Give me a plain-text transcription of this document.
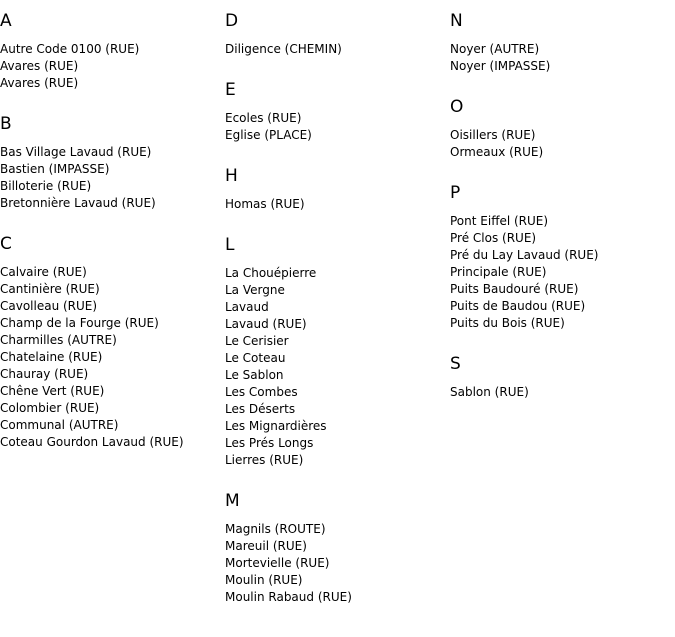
A
Autre Code 0100 (RUE)
Avares (RUE)
Avares (RUE)
B
Bas Village Lavaud (RUE)
Bastien (IMPASSE)
Billoterie (RUE)
Bretonnière Lavaud (RUE)
C
Calvaire (RUE)
Cantinière (RUE)
Cavolleau (RUE)
Champ de la Fourge (RUE)
Charmilles (AUTRE)
Chatelaine (RUE)
Chauray (RUE)
Chêne Vert (RUE)
Colombier (RUE)
Communal (AUTRE)
Coteau Gourdon Lavaud (RUE)
D
Diligence (CHEMIN)
E
Ecoles (RUE)
Eglise (PLACE)
H
Homas (RUE)
L
La Chouépierre
La Vergne
Lavaud
Lavaud (RUE)
Le Cerisier
Le Coteau
Le Sablon
Les Combes
Les Déserts
Les Mignardières
Les Prés Longs
Lierres (RUE)
M
Magnils (ROUTE)
Mareuil (RUE)
Mortevielle (RUE)
Moulin (RUE)
Moulin Rabaud (RUE)
N
Noyer (AUTRE)
Noyer (IMPASSE)
O
Oisillers (RUE)
Ormeaux (RUE)
P
Pont Eiffel (RUE)
Pré Clos (RUE)
Pré du Lay Lavaud (RUE)
Principale (RUE)
Puits Baudouré (RUE)
Puits de Baudou (RUE)
Puits du Bois (RUE)
S
Sablon (RUE)
